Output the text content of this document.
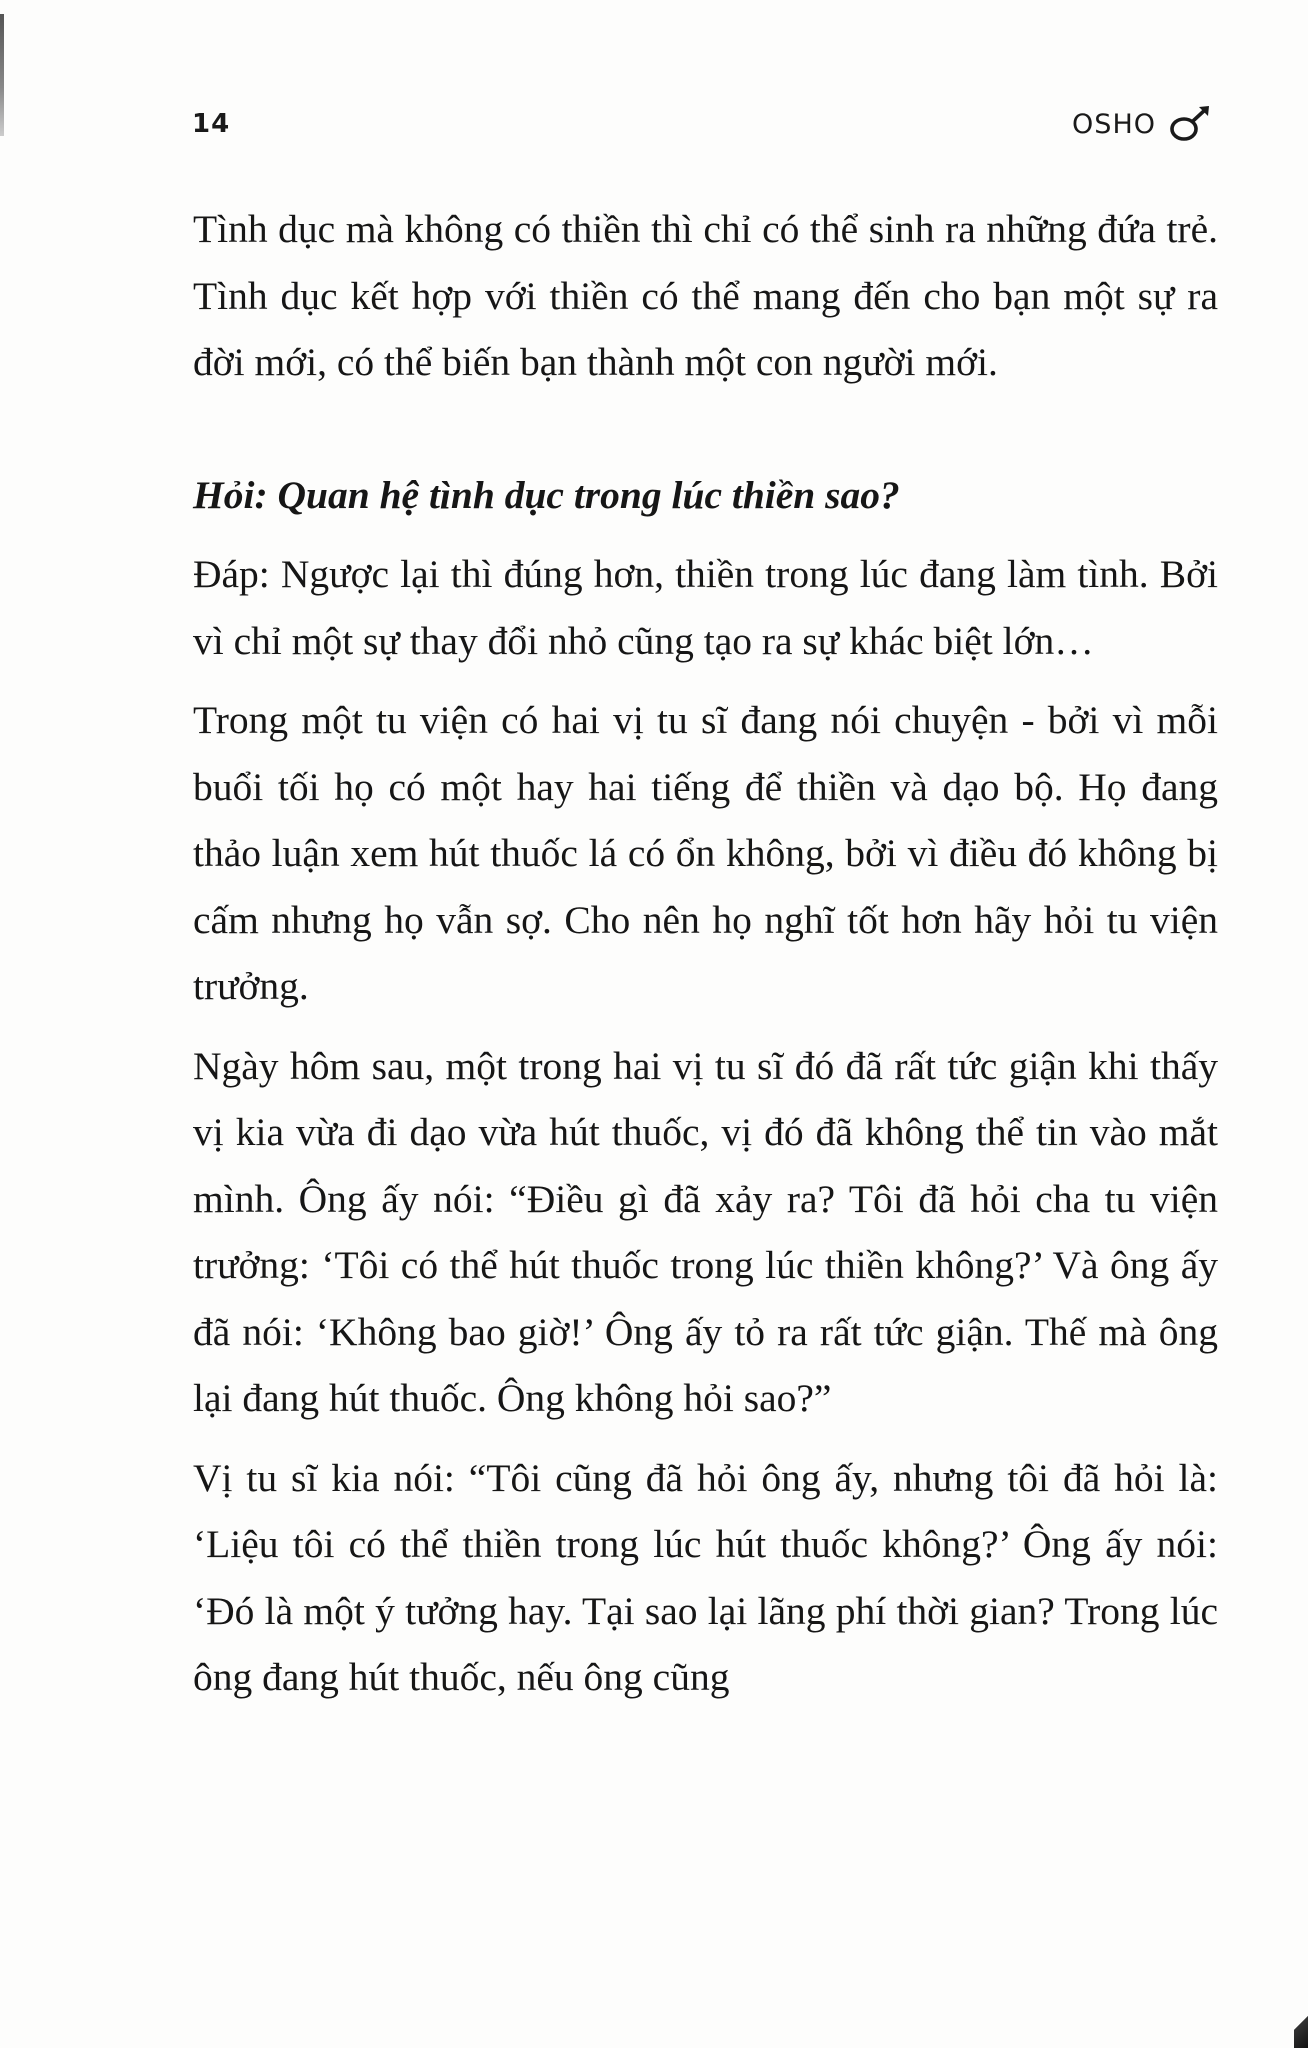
14	OSHO

Tình dục mà không có thiền thì chỉ có thể sinh ra những đứa trẻ. Tình dục kết hợp với thiền có thể mang đến cho bạn một sự ra đời mới, có thể biến bạn thành một con người mới.

Hỏi: Quan hệ tình dục trong lúc thiền sao?

Đáp: Ngược lại thì đúng hơn, thiền trong lúc đang làm tình. Bởi vì chỉ một sự thay đổi nhỏ cũng tạo ra sự khác biệt lớn…

Trong một tu viện có hai vị tu sĩ đang nói chuyện - bởi vì mỗi buổi tối họ có một hay hai tiếng để thiền và dạo bộ. Họ đang thảo luận xem hút thuốc lá có ổn không, bởi vì điều đó không bị cấm nhưng họ vẫn sợ. Cho nên họ nghĩ tốt hơn hãy hỏi tu viện trưởng.

Ngày hôm sau, một trong hai vị tu sĩ đó đã rất tức giận khi thấy vị kia vừa đi dạo vừa hút thuốc, vị đó đã không thể tin vào mắt mình. Ông ấy nói: “Điều gì đã xảy ra? Tôi đã hỏi cha tu viện trưởng: ‘Tôi có thể hút thuốc trong lúc thiền không?’ Và ông ấy đã nói: ‘Không bao giờ!’ Ông ấy tỏ ra rất tức giận. Thế mà ông lại đang hút thuốc. Ông không hỏi sao?”

Vị tu sĩ kia nói: “Tôi cũng đã hỏi ông ấy, nhưng tôi đã hỏi là: ‘Liệu tôi có thể thiền trong lúc hút thuốc không?’ Ông ấy nói: ‘Đó là một ý tưởng hay. Tại sao lại lãng phí thời gian? Trong lúc ông đang hút thuốc, nếu ông cũng
